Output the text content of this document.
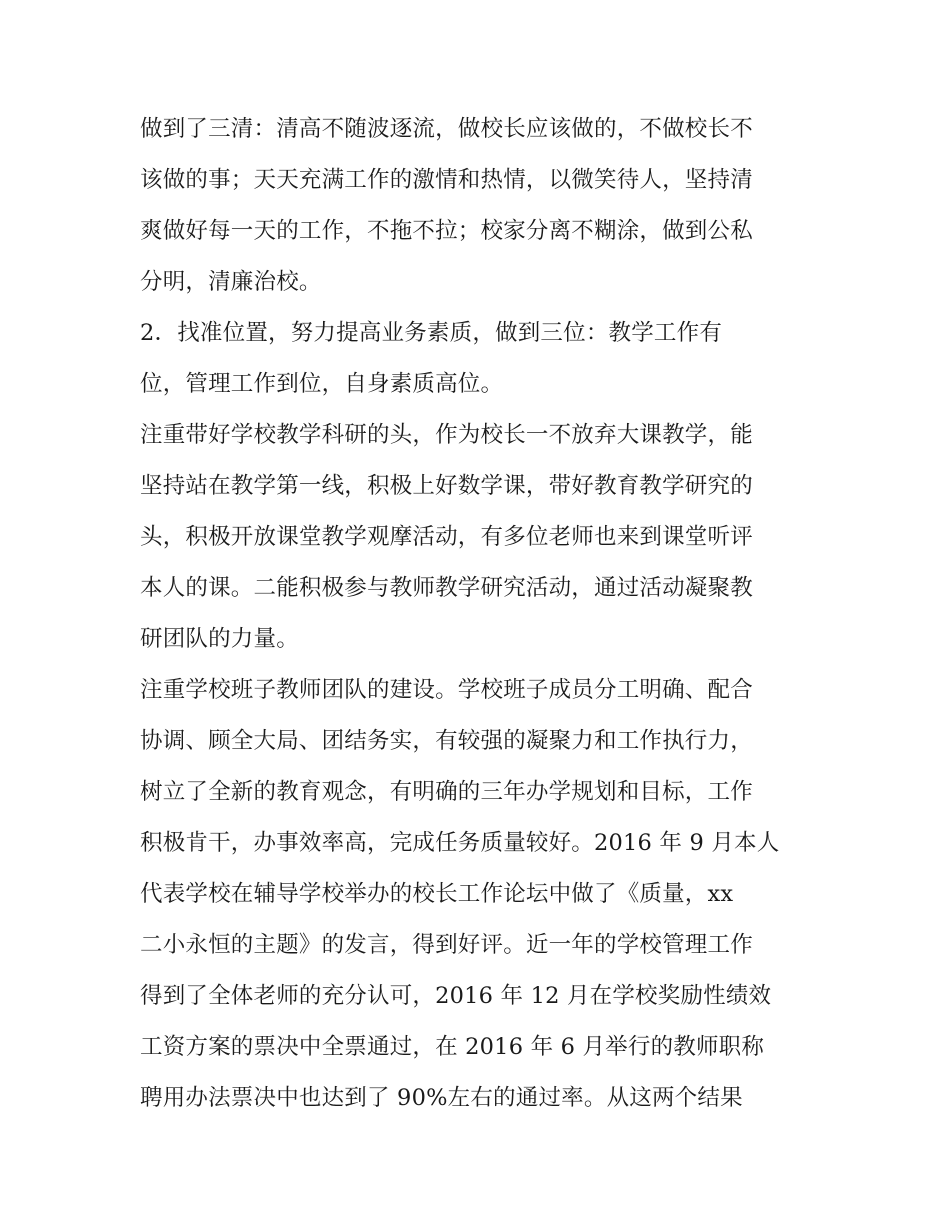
做到了三清：清高不随波逐流，做校长应该做的，不做校长不
该做的事；天天充满工作的激情和热情，以微笑待人，坚持清
爽做好每一天的工作，不拖不拉；校家分离不糊涂，做到公私
分明，清廉治校。
2．找准位置，努力提高业务素质，做到三位：教学工作有
位，管理工作到位，自身素质高位。
注重带好学校教学科研的头，作为校长一不放弃大课教学，能
坚持站在教学第一线，积极上好数学课，带好教育教学研究的
头，积极开放课堂教学观摩活动，有多位老师也来到课堂听评
本人的课。二能积极参与教师教学研究活动，通过活动凝聚教
研团队的力量。
注重学校班子教师团队的建设。学校班子成员分工明确、配合
协调、顾全大局、团结务实，有较强的凝聚力和工作执行力，
树立了全新的教育观念，有明确的三年办学规划和目标，工作
积极肯干，办事效率高，完成任务质量较好。2016 年 9 月本人
代表学校在辅导学校举办的校长工作论坛中做了《质量，xx
二小永恒的主题》的发言，得到好评。近一年的学校管理工作
得到了全体老师的充分认可，2016 年 12 月在学校奖励性绩效
工资方案的票决中全票通过，在 2016 年 6 月举行的教师职称
聘用办法票决中也达到了 90%左右的通过率。从这两个结果
